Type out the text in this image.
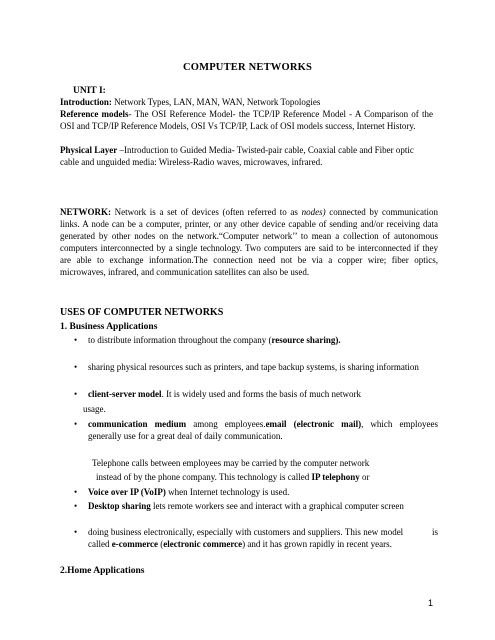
COMPUTER NETWORKS

UNIT I:

Introduction: Network Types, LAN, MAN, WAN, Network Topologies

Reference models- The OSI Reference Model- the TCP/IP Reference Model - A Comparison of the OSI and TCP/IP Reference Models, OSI Vs TCP/IP, Lack of OSI models success, Internet History.

Physical Layer –Introduction to Guided Media- Twisted-pair cable, Coaxial cable and Fiber optic cable and unguided media: Wireless-Radio waves, microwaves, infrared.

NETWORK: Network is a set of devices (often referred to as nodes) connected by communication links. A node can be a computer, printer, or any other device capable of sending and/or receiving data generated by other nodes on the network.“Computer network’’ to mean a collection of autonomous computers interconnected by a single technology. Two computers are said to be interconnected if they are able to exchange information.The connection need not be via a copper wire; fiber optics, microwaves, infrared, and communication satellites can also be used.

USES OF COMPUTER NETWORKS

1. Business Applications

•	to distribute information throughout the company (resource sharing).
•	sharing physical resources such as printers, and tape backup systems, is sharing information
•	client-server model. It is widely used and forms the basis of much network

usage.

•	communication medium among employees.email (electronic mail), which employees generally use for a great deal of daily communication.

Telephone calls between employees may be carried by the computer network

instead of by the phone company. This technology is called IP telephony or

•	Voice over IP (VoIP) when Internet technology is used.
•	Desktop sharing lets remote workers see and interact with a graphical computer screen
•	doing business electronically, especially with customers and suppliers. This new model            is called e-commerce (electronic commerce) and it has grown rapidly in recent years.

2.Home Applications

1
